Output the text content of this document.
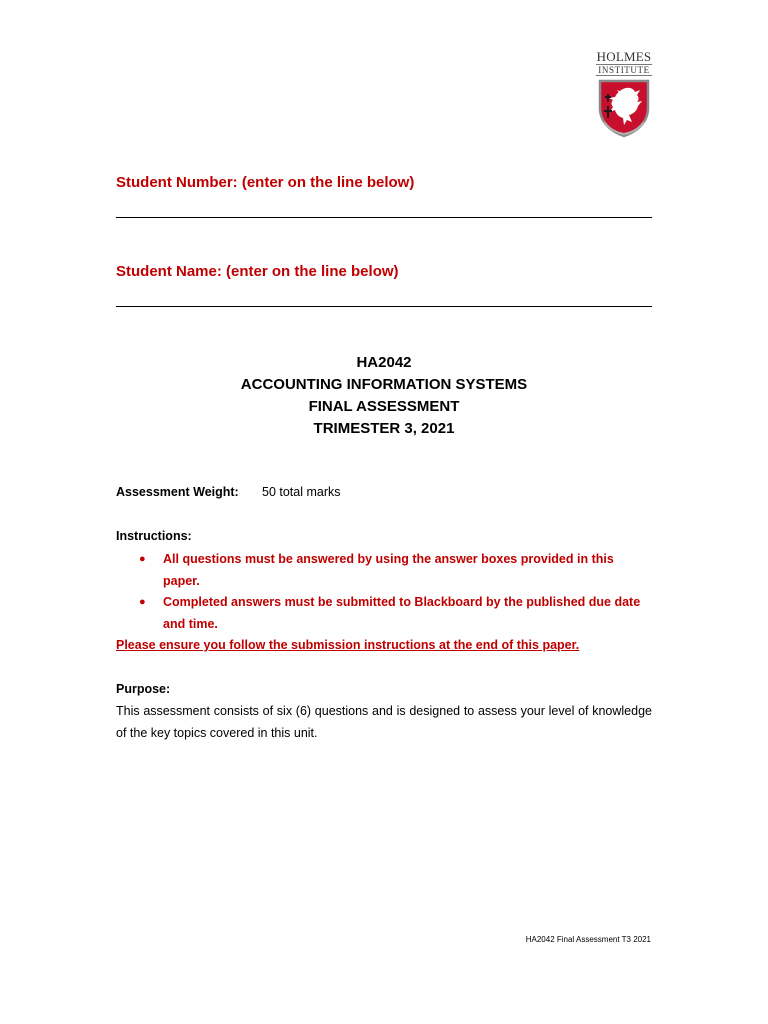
HOLMES
INSTITUTE
Student Number: (enter on the line below)
Student Name: (enter on the line below)
HA2042
ACCOUNTING INFORMATION SYSTEMS
FINAL ASSESSMENT
TRIMESTER 3, 2021
Assessment Weight: 50 total marks
Instructions:
● All questions must be answered by using the answer boxes provided in this paper.
● Completed answers must be submitted to Blackboard by the published due date and time.
Please ensure you follow the submission instructions at the end of this paper.
Purpose:
This assessment consists of six (6) questions and is designed to assess your level of knowledge of the key topics covered in this unit.
HA2042 Final Assessment T3 2021
